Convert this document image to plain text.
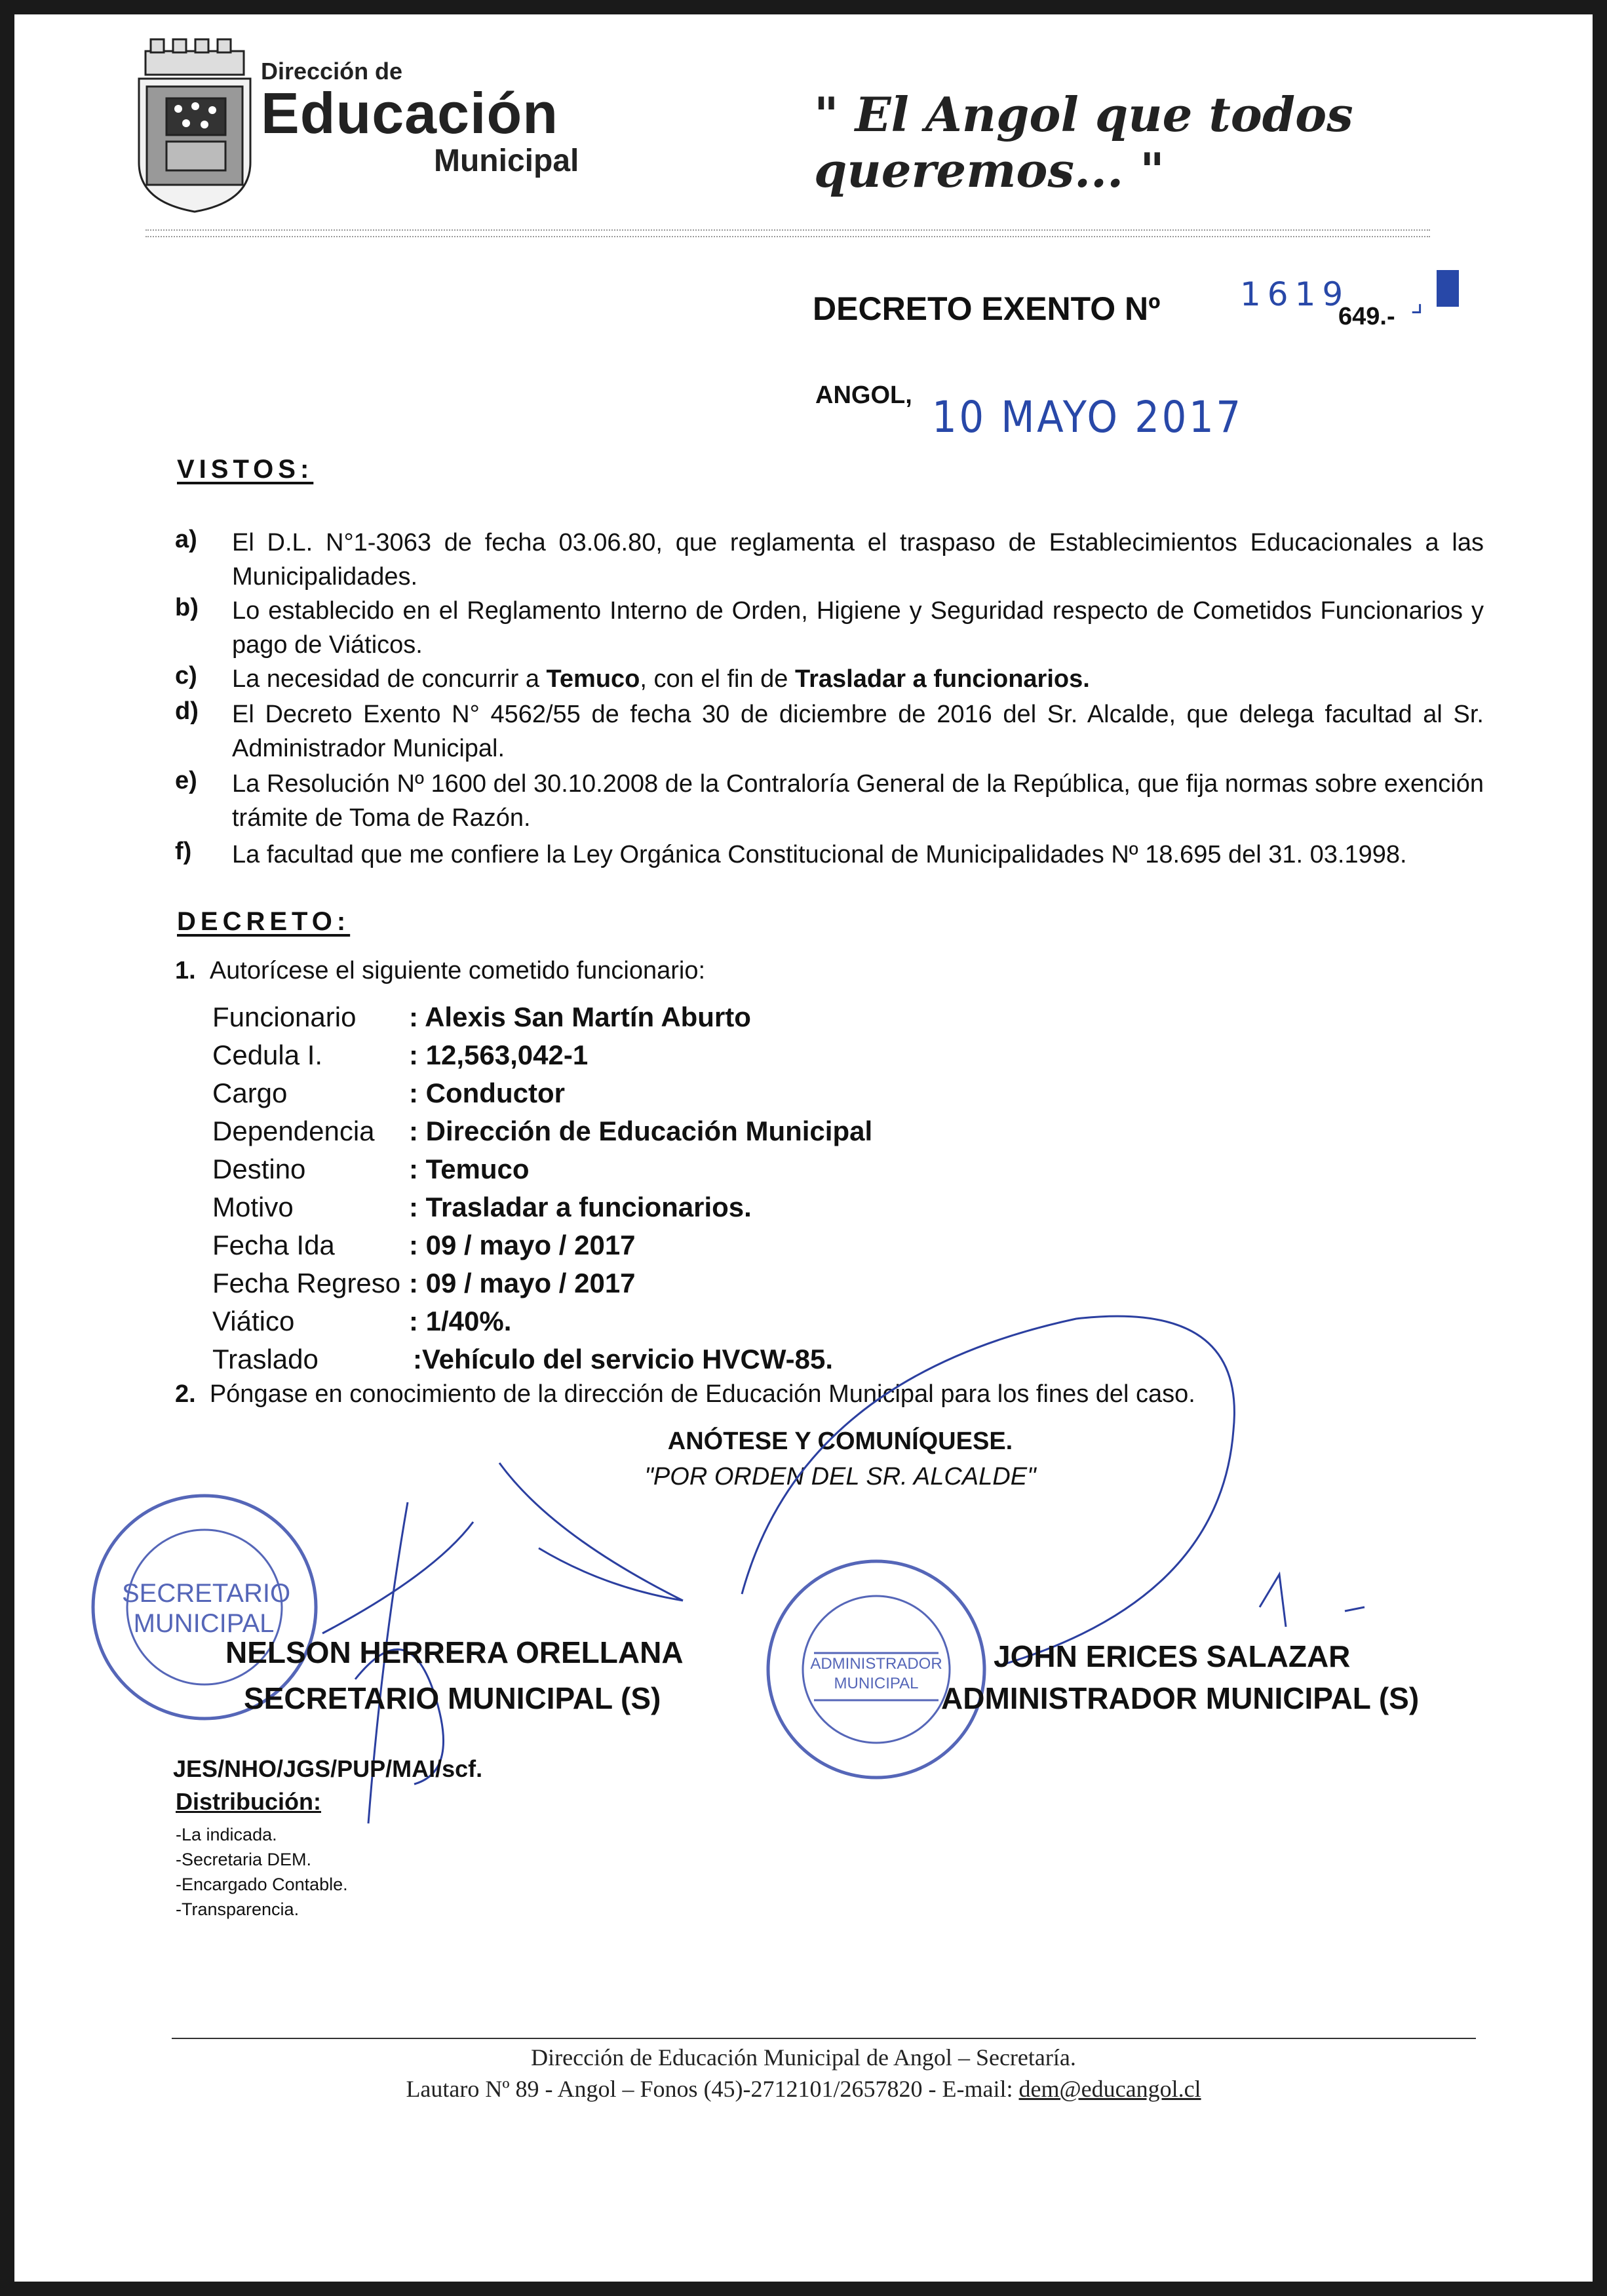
Dirección de
Educación
Municipal
" El Angol que todos queremos... "
DECRETO EXENTO Nº 1619 ⌟
649.-
ANGOL, 10 MAYO 2017
VISTOS:
a) El D.L. N°1-3063 de fecha 03.06.80, que reglamenta el traspaso de Establecimientos Educacionales a las Municipalidades.
b) Lo establecido en el Reglamento Interno de Orden, Higiene y Seguridad respecto de Cometidos Funcionarios y pago de Viáticos.
c) La necesidad de concurrir a Temuco, con el fin de Trasladar a funcionarios.
d) El Decreto Exento N° 4562/55 de fecha 30 de diciembre de 2016 del Sr. Alcalde, que delega facultad al Sr. Administrador Municipal.
e) La Resolución Nº 1600 del 30.10.2008 de la Contraloría General de la República, que fija normas sobre exención trámite de Toma de Razón.
f) La facultad que me confiere la Ley Orgánica Constitucional de Municipalidades Nº 18.695 del 31. 03.1998.
DECRETO:
1. Autorícese el siguiente cometido funcionario:
Funcionario : Alexis San Martín Aburto
Cedula I.	: 12,563,042-1
Cargo	: Conductor
Dependencia : Dirección de Educación Municipal
Destino	: Temuco
Motivo	: Trasladar a funcionarios.
Fecha Ida	: 09 / mayo / 2017
Fecha Regreso : 09 / mayo / 2017
Viático	: 1/40%.
Traslado	:Vehículo del servicio HVCW-85.
2. Póngase en conocimiento de la dirección de Educación Municipal para los fines del caso.
ANÓTESE Y COMUNÍQUESE.
"POR ORDEN DEL SR. ALCALDE"
SECRETARIO MUNICIPAL
ADMINISTRADOR MUNICIPAL
NELSON HERRERA ORELLANA
SECRETARIO MUNICIPAL (S)
JOHN ERICES SALAZAR
ADMINISTRADOR MUNICIPAL (S)
JES/NHO/JGS/PUP/MAI/scf.
Distribución:
-La indicada.
-Secretaria DEM.
-Encargado Contable.
-Transparencia.
Dirección de Educación Municipal de Angol – Secretaría.
Lautaro Nº 89 - Angol – Fonos (45)-2712101/2657820 - E-mail: dem@educangol.cl
